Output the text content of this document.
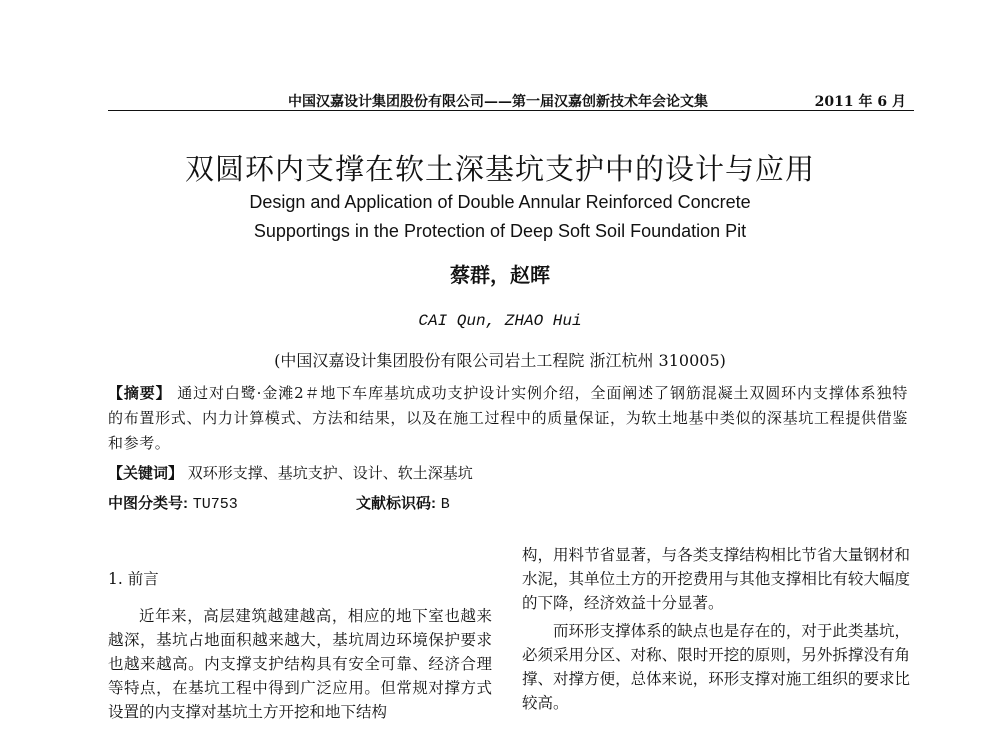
中国汉嘉设计集团股份有限公司——第一届汉嘉创新技术年会论文集	2011 年 6 月
双圆环内支撑在软土深基坑支护中的设计与应用
Design and Application of Double Annular Reinforced Concrete
Supportings in the Protection of Deep Soft Soil Foundation Pit
蔡群，赵晖
CAI Qun, ZHAO Hui
(中国汉嘉设计集团股份有限公司岩土工程院 浙江杭州 310005)

【摘要】 通过对白鹭·金滩2＃地下车库基坑成功支护设计实例介绍，全面阐述了钢筋混凝土双圆环内支撑体系独特的布置形式、内力计算模式、方法和结果，以及在施工过程中的质量保证，为软土地基中类似的深基坑工程提供借鉴和参考。

【关键词】 双环形支撑、基坑支护、设计、软土深基坑
中图分类号: TU753	文献标识码: B
1. 前言

近年来，高层建筑越建越高，相应的地下室也越来越深，基坑占地面积越来越大，基坑周边环境保护要求也越来越高。内支撑支护结构具有安全可靠、经济合理等特点，在基坑工程中得到广泛应用。但常规对撑方式设置的内支撑对基坑土方开挖和地下结构

构，用料节省显著，与各类支撑结构相比节省大量钢材和水泥，其单位土方的开挖费用与其他支撑相比有较大幅度的下降，经济效益十分显著。

而环形支撑体系的缺点也是存在的，对于此类基坑，必须采用分区、对称、限时开挖的原则，另外拆撑没有角撑、对撑方便，总体来说，环形支撑对施工组织的要求比较高。
